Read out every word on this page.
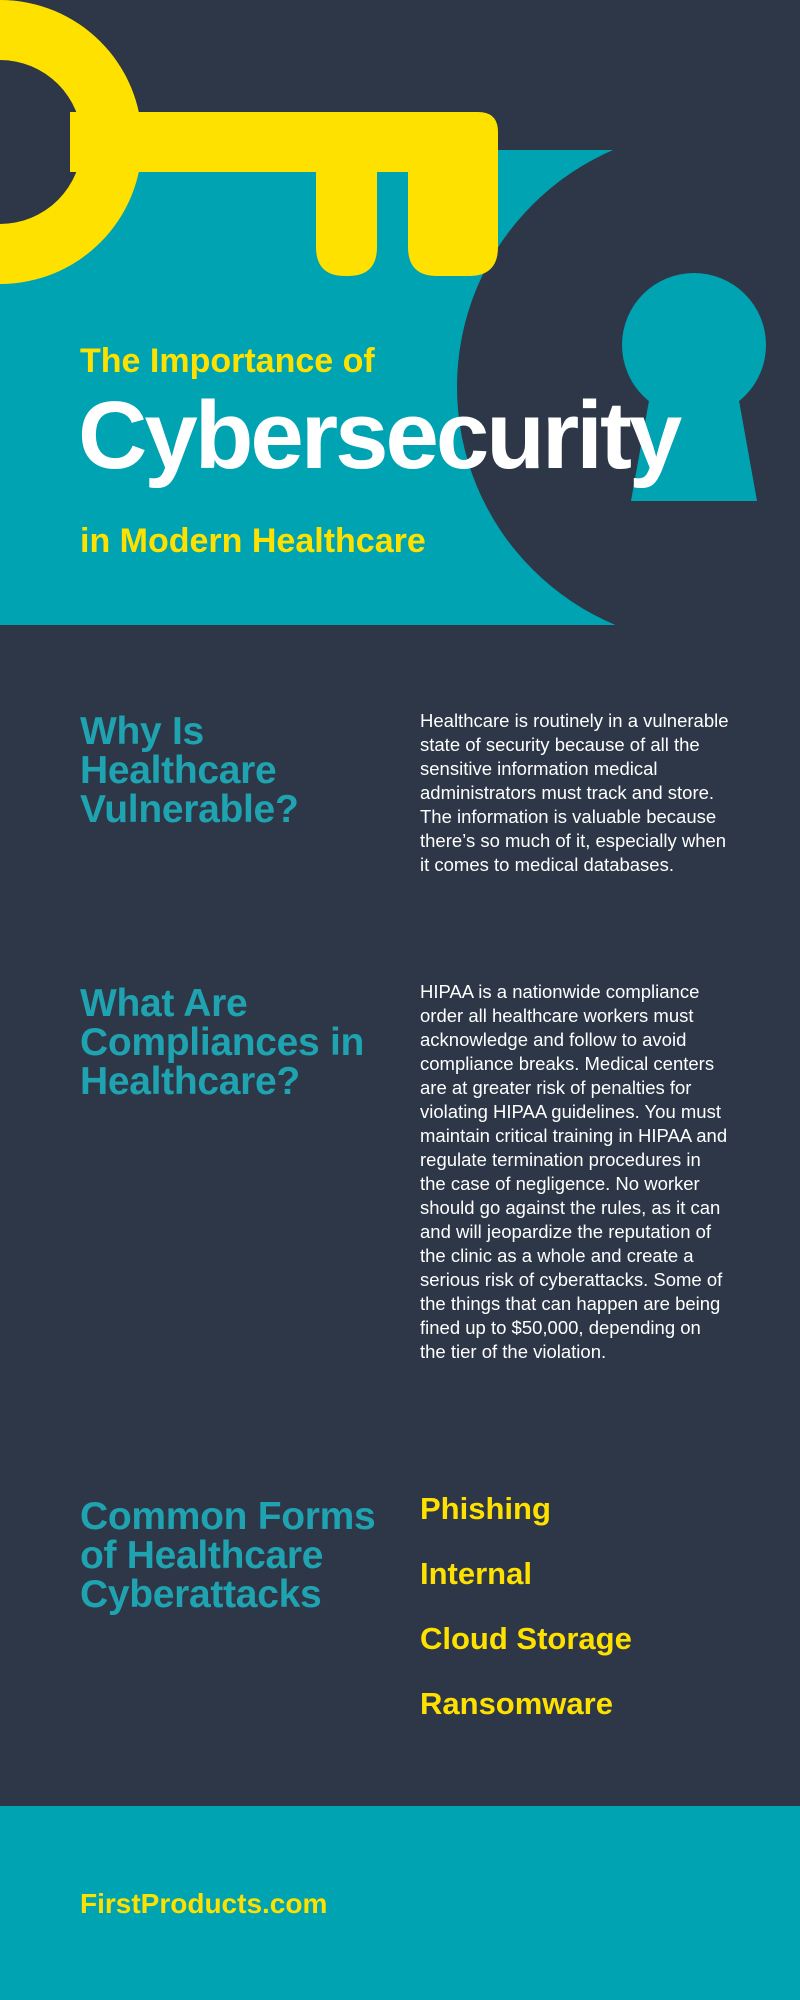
The Importance of

Cybersecurity

in Modern Healthcare

Why Is Healthcare Vulnerable?

Healthcare is routinely in a vulnerable state of security because of all the sensitive information medical administrators must track and store. The information is valuable because there’s so much of it, especially when it comes to medical databases.

What Are Compliances in Healthcare?

HIPAA is a nationwide compliance order all healthcare workers must acknowledge and follow to avoid compliance breaks. Medical centers are at greater risk of penalties for violating HIPAA guidelines. You must maintain critical training in HIPAA and regulate termination procedures in the case of negligence. No worker should go against the rules, as it can and will jeopardize the reputation of the clinic as a whole and create a serious risk of cyberattacks. Some of the things that can happen are being fined up to $50,000, depending on the tier of the violation.

Common Forms of Healthcare Cyberattacks
Phishing
Internal
Cloud Storage
Ransomware

FirstProducts.com
